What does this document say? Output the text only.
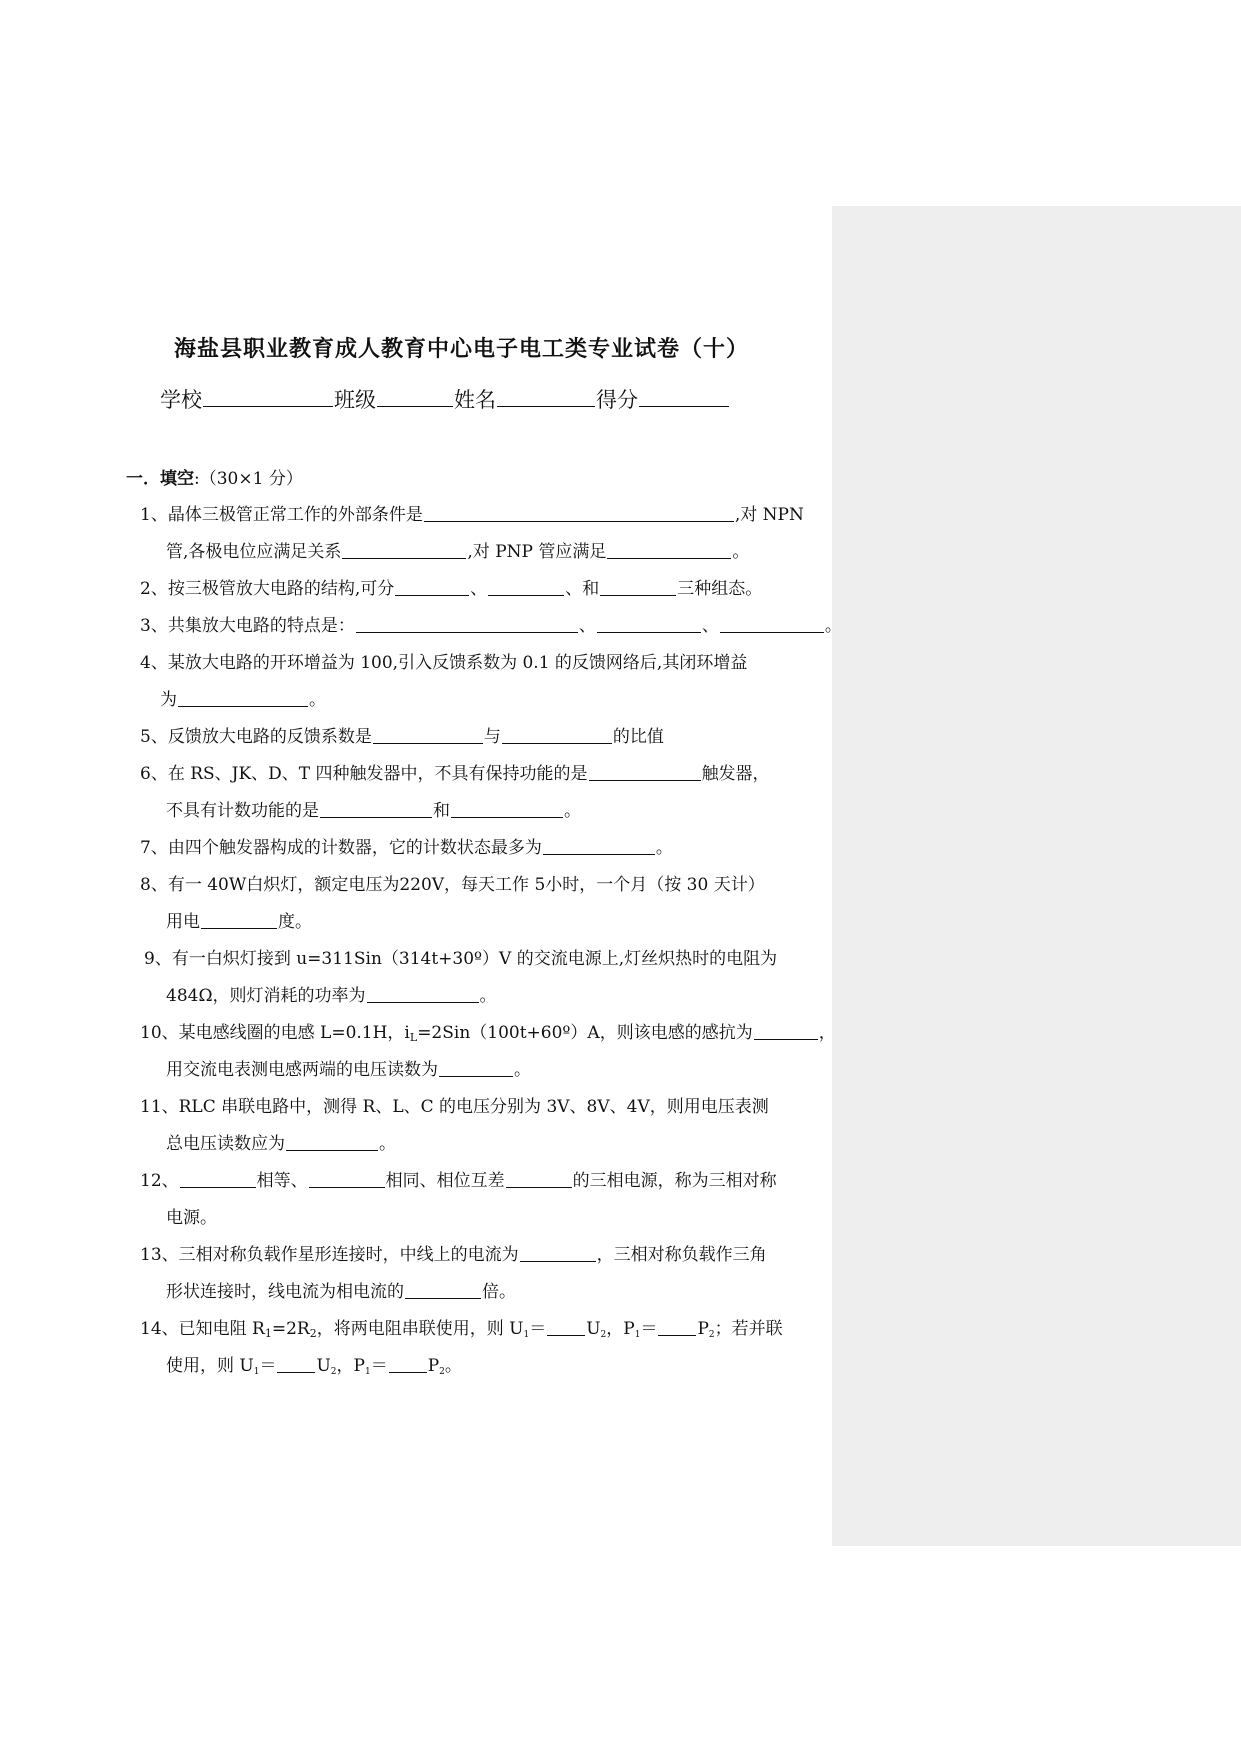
海盐县职业教育成人教育中心电子电工类专业试卷（十）
学校	班级	姓名	得分
一．填空:（30×1 分）
1、晶体三极管正常工作的外部条件是	,对 NPN
管,各极电位应满足关系	,对 PNP 管应满足	。
2、按三极管放大电路的结构,可分	、	、和	三种组态。
3、共集放大电路的特点是：	、	、	。
4、某放大电路的开环增益为 100,引入反馈系数为 0.1 的反馈网络后,其闭环增益
为	。
5、反馈放大电路的反馈系数是	与	的比值
6、在 RS、JK、D、T 四种触发器中，不具有保持功能的是	触发器，
不具有计数功能的是	和	。
7、由四个触发器构成的计数器，它的计数状态最多为	。
8、有一 40W白炽灯，额定电压为220V，每天工作 5小时，一个月（按 30 天计）
用电	度。
9、有一白炽灯接到 u=311Sin（314t+30º）V 的交流电源上,灯丝炽热时的电阻为
484Ω，则灯消耗的功率为	。
10、某电感线圈的电感 L=0.1H，$i_L=2Sin(100t+60º)A$，则该电感的感抗为	，
用交流电表测电感两端的电压读数为	。
11、RLC 串联电路中，测得 R、L、C 的电压分别为 3V、8V、4V，则用电压表测
总电压读数应为	。
12、	相等、	相同、相位互差	的三相电源，称为三相对称
电源。
13、三相对称负载作星形连接时，中线上的电流为	，三相对称负载作三角
形状连接时，线电流为相电流的	倍。
14、已知电阻 $R_1=2R_2$，将两电阻串联使用，则 U1＝ U2，P1＝ P2；若并联
使用，则 U1＝ U2，P1＝ P2。
